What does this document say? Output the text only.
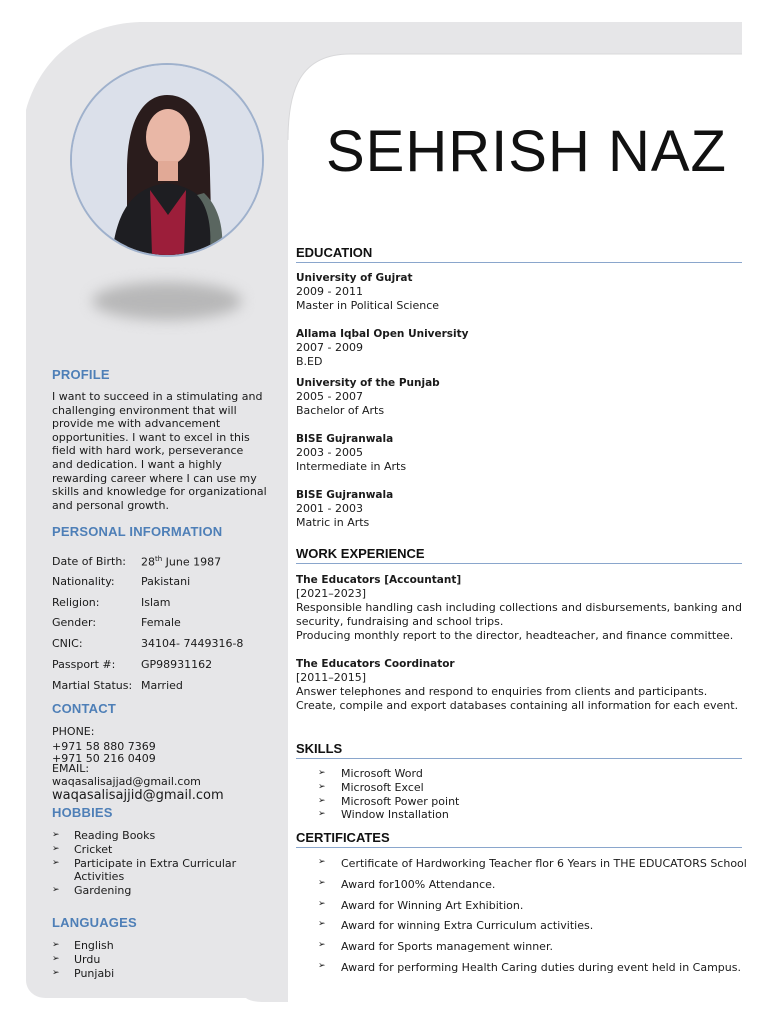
SEHRISH NAZ
PROFILE
I want to succeed in a stimulating and challenging environment that will provide me with advancement opportunities. I want to excel in this field with hard work, perseverance and dedication. I want a highly rewarding career where I can use my skills and knowledge for organizational and personal growth.
PERSONAL INFORMATION
Date of Birth: 28th June 1987
Nationality: Pakistani
Religion:	Islam
Gender:	Female
CNIC:	34104- 7449316-8
Passport #: GP98931162
Martial Status: Married
CONTACT
PHONE:
+971 58 880 7369
+971 50 216 0409
EMAIL:
waqasalisajjad@gmail.com
waqasalisajjid@gmail.com
HOBBIES
➢ Reading Books
➢ Cricket
➢ Participate in Extra Curricular Activities
➢ Gardening
LANGUAGES
➢ English
➢ Urdu
➢ Punjabi
EDUCATION
University of Gujrat
2009 - 2011
Master in Political Science
Allama Iqbal Open University
2007 - 2009
B.ED
University of the Punjab
2005 - 2007
Bachelor of Arts
BISE Gujranwala
2003 - 2005
Intermediate in Arts
BISE Gujranwala
2001 - 2003
Matric in Arts
WORK EXPERIENCE
The Educators [Accountant]
[2021–2023]
Responsible handling cash including collections and disbursements, banking and security, fundraising and school trips.
Producing monthly report to the director, headteacher, and finance committee.
The Educators Coordinator
[2011–2015]
Answer telephones and respond to enquiries from clients and participants.
Create, compile and export databases containing all information for each event.
SKILLS
➢ Microsoft Word
➢ Microsoft Excel
➢ Microsoft Power point
➢ Window Installation
CERTIFICATES
➢ Certificate of Hardworking Teacher flor 6 Years in THE EDUCATORS School
➢ Award for100% Attendance.
➢ Award for Winning Art Exhibition.
➢ Award for winning Extra Curriculum activities.
➢ Award for Sports management winner.
➢ Award for performing Health Caring duties during event held in Campus.
